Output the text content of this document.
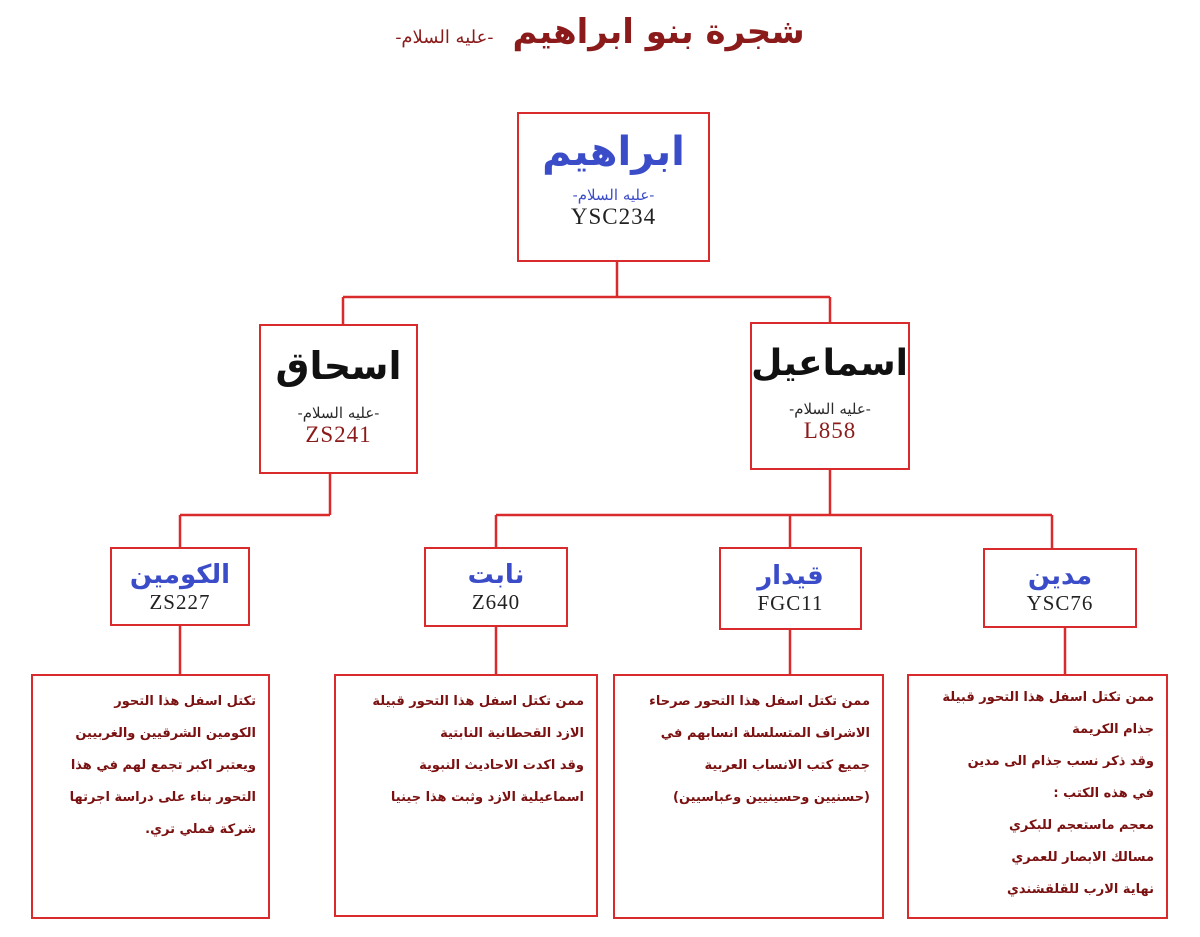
شجرة بنو ابراهيم -عليه السلام-
ابراهيم
-عليه السلام-
YSC234
اسحاق
-عليه السلام-
ZS241
اسماعيل
-عليه السلام-
L858
الكومين
ZS227
نابت
Z640
قيدار
FGC11
مدين
YSC76
تكتل اسفل هذا التحور
الكومين الشرقيين والغربيين
ويعتبر اكبر تجمع لهم في هذا
التحور بناء على دراسة اجرتها
شركة فملي تري.
ممن تكتل اسفل هذا التحور قبيلة
الازد القحطانية النابتية
وقد اكدت الاحاديث النبوية
اسماعيلية الازد وثبت هذا جينيا
ممن تكتل اسفل هذا التحور صرحاء
الاشراف المتسلسلة انسابهم في
جميع كتب الانساب العربية
(حسنيين وحسينيين وعباسيين)
ممن تكتل اسفل هذا التحور قبيلة
جذام الكريمة
وقد ذكر نسب جذام الى مدين
في هذه الكتب :
معجم ماستعجم للبكري
مسالك الابصار للعمري
نهاية الارب للقلقشندي
